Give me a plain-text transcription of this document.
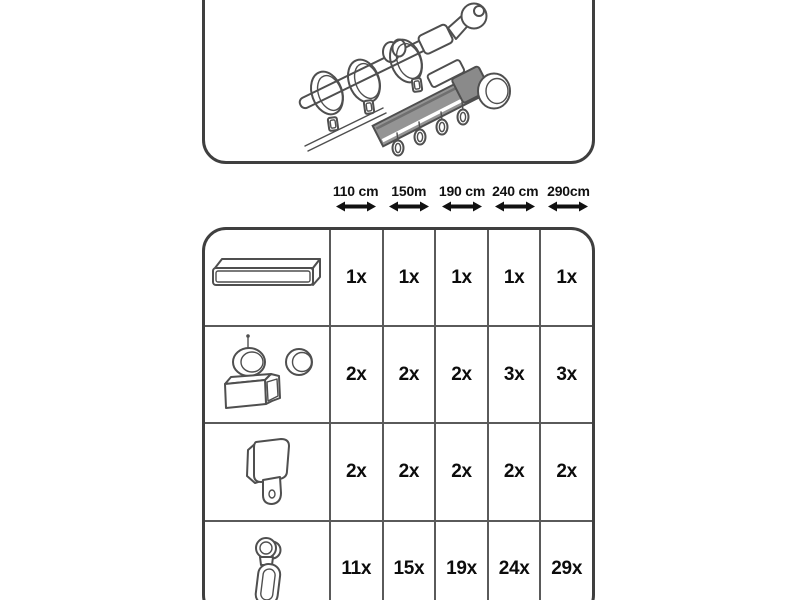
110 cm 150m 190 cm 240 cm 290cm
1x 1x 1x 1x 1x
2x 2x 2x 3x 3x
2x 2x 2x 2x 2x
11x 15x 19x 24x 29x
